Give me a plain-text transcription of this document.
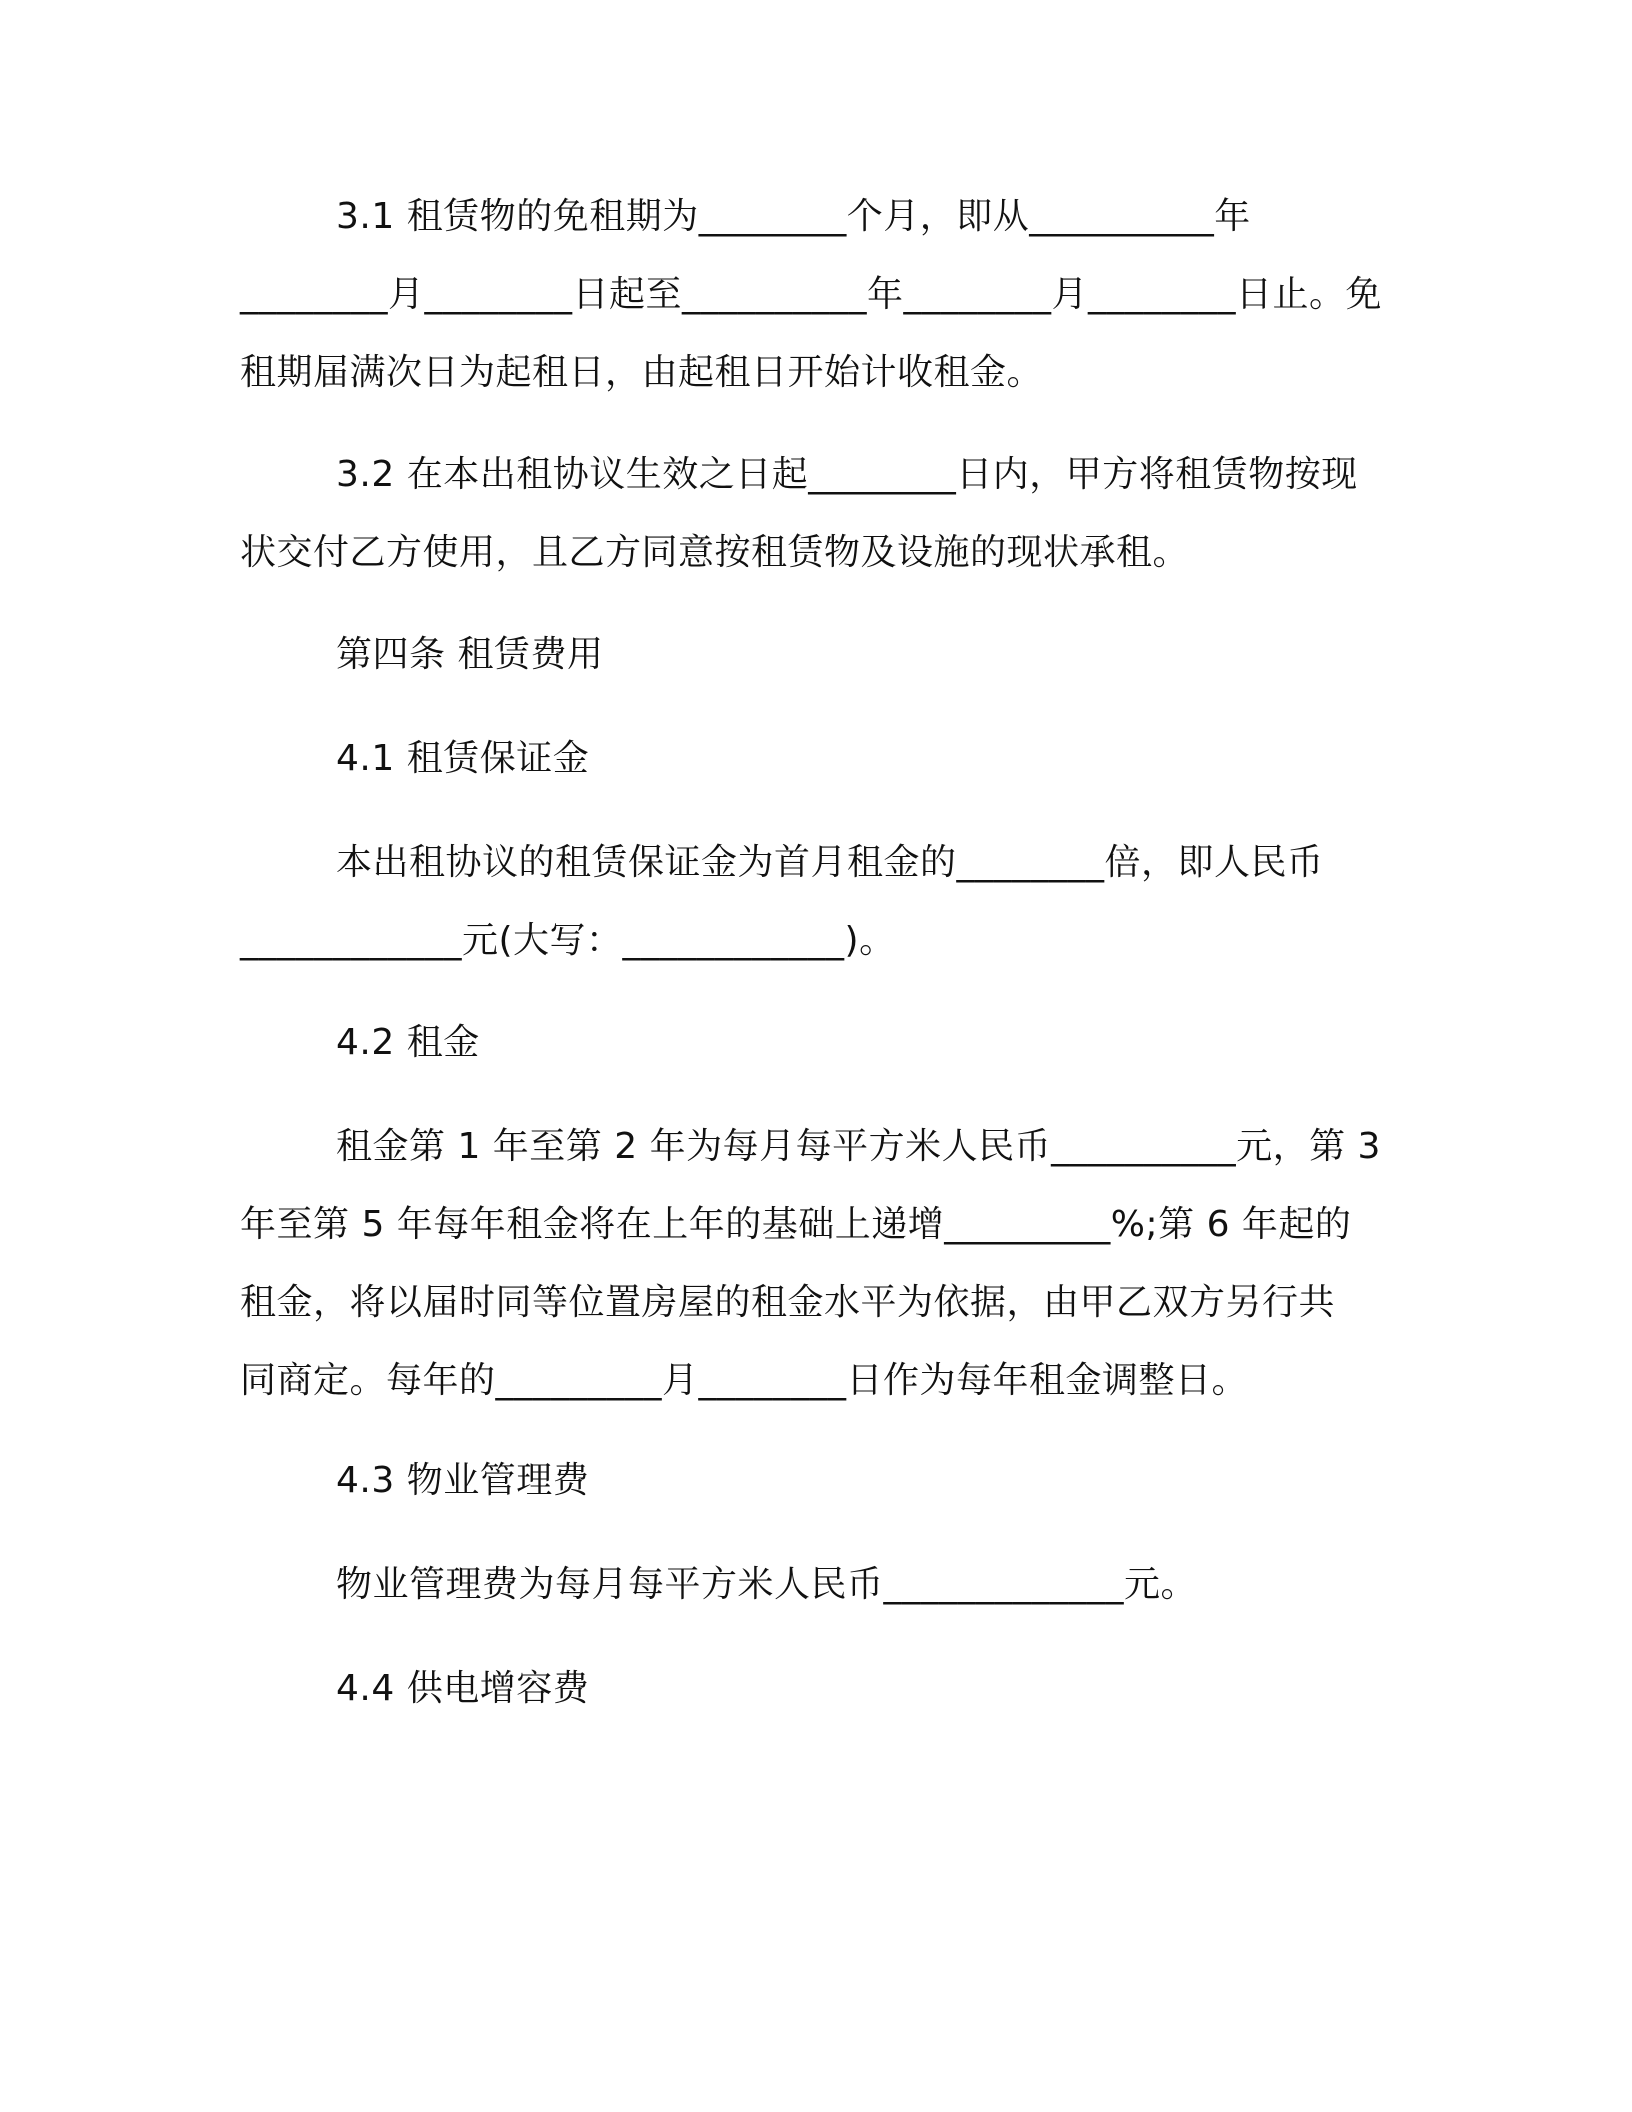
3.1 租赁物的免租期为________个月，即从__________年
________月________日起至__________年________月________日止。免
租期届满次日为起租日，由起租日开始计收租金。
3.2 在本出租协议生效之日起________日内，甲方将租赁物按现
状交付乙方使用，且乙方同意按租赁物及设施的现状承租。
第四条 租赁费用
4.1 租赁保证金
本出租协议的租赁保证金为首月租金的________倍，即人民币
____________元(大写：____________)。
4.2 租金
租金第 1 年至第 2 年为每月每平方米人民币__________元，第 3
年至第 5 年每年租金将在上年的基础上递增_________%;第 6 年起的
租金，将以届时同等位置房屋的租金水平为依据，由甲乙双方另行共
同商定。每年的_________月________日作为每年租金调整日。
4.3 物业管理费
物业管理费为每月每平方米人民币_____________元。
4.4 供电增容费
